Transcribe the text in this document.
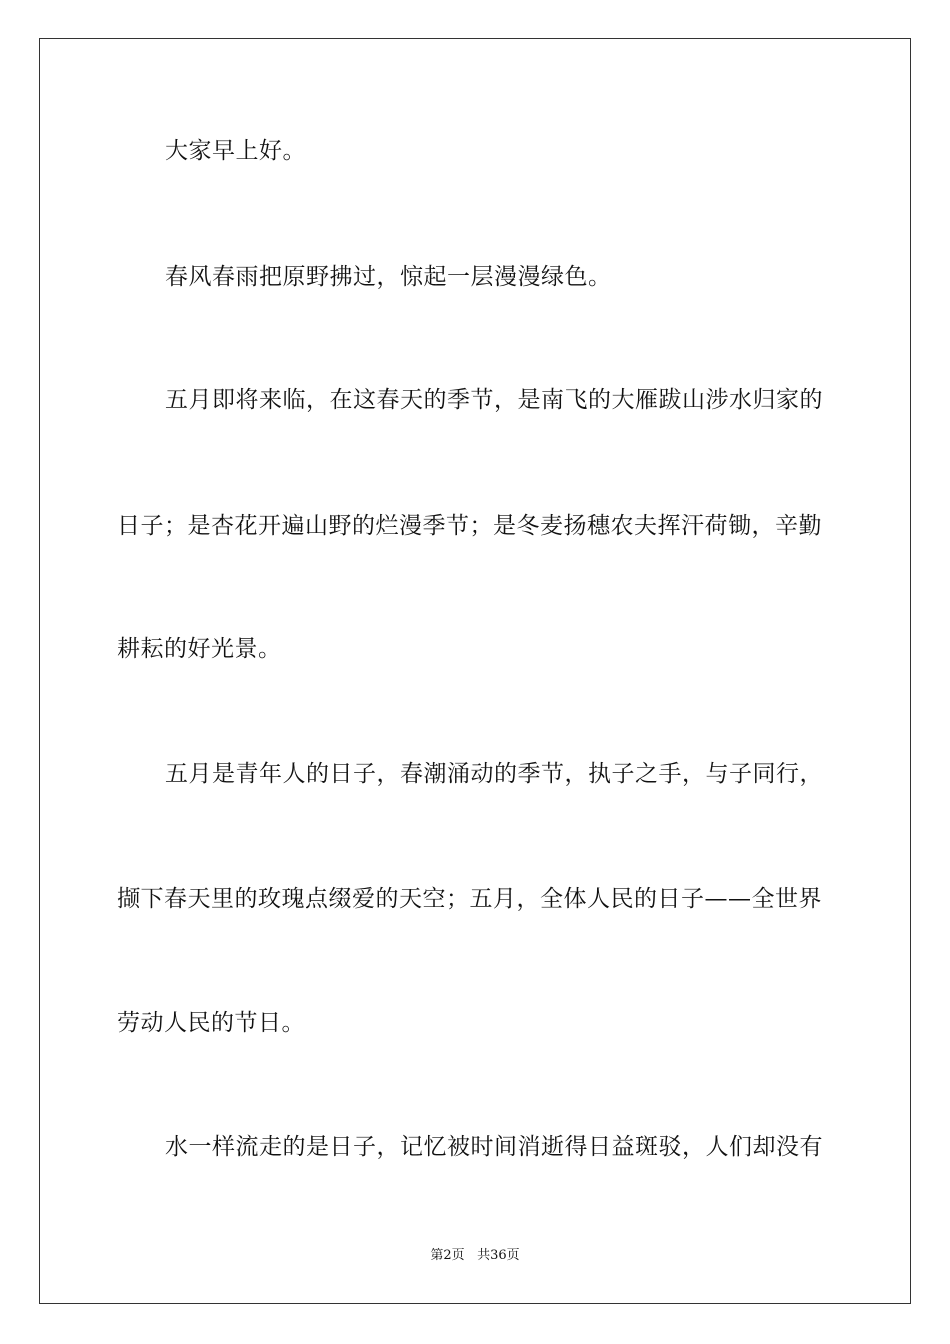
大家早上好。
春风春雨把原野拂过，惊起一层漫漫绿色。
五月即将来临，在这春天的季节，是南飞的大雁跋山涉水归家的
日子；是杏花开遍山野的烂漫季节；是冬麦扬穗农夫挥汗荷锄，辛勤
耕耘的好光景。
五月是青年人的日子，春潮涌动的季节，执子之手，与子同行，
撷下春天里的玫瑰点缀爱的天空；五月，全体人民的日子——全世界
劳动人民的节日。
水一样流走的是日子，记忆被时间消逝得日益斑驳，人们却没有
第2页 共36页
